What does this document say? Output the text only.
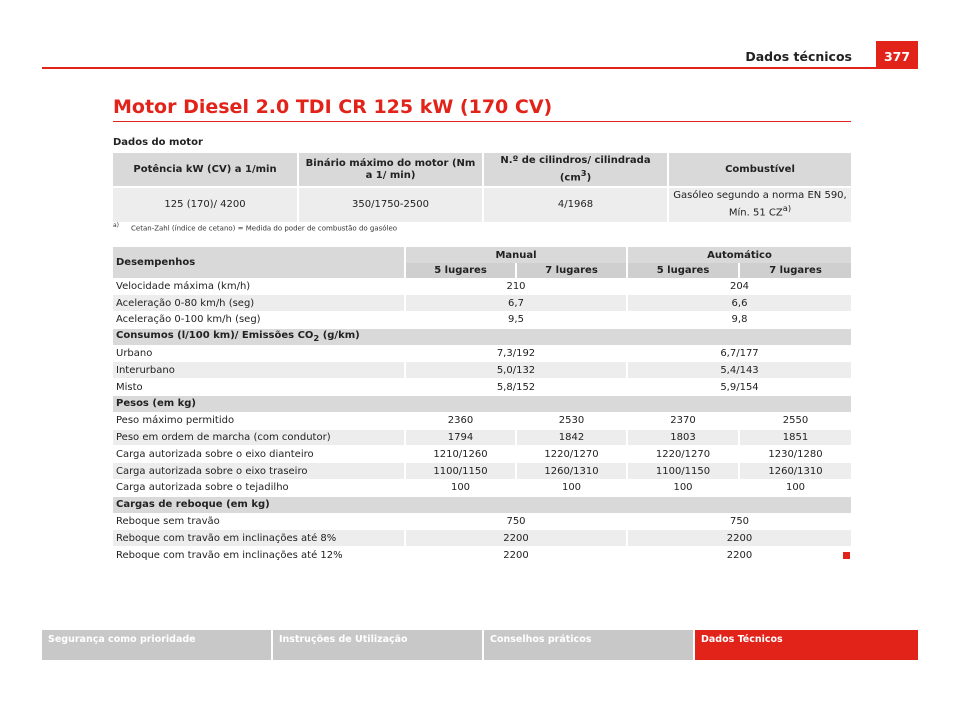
Dados técnicos	377
Motor Diesel 2.0 TDI CR 125 kW (170 CV)
Dados do motor
Potência kW (CV) a 1/min	Binário máximo do motor (Nm a 1/ min)	N.º de cilindros/ cilindrada $(cm^3)$	Combustível
125 (170)/ 4200	350/1750-2500	4/1968	Gasóleo segundo a norma EN 590, Mín. 51 CZ$^{a)}$
a) Cetan-Zahl (índice de cetano) = Medida do poder de combustão do gasóleo
Desempenhos	Manual		Automático	
	5 lugares	7 lugares	5 lugares	7 lugares
Velocidade máxima (km/h)	210		204	
Aceleração 0-80 km/h (seg)	6,7		6,6	
Aceleração 0-100 km/h (seg)	9,5		9,8	
Consumos (l/100 km)/ Emissões $CO_2$ (g/km)				
Urbano	7,3/192		6,7/177	
Interurbano	5,0/132		5,4/143	
Misto	5,8/152		5,9/154	
Pesos (em kg)				
Peso máximo permitido	2360	2530	2370	2550
Peso em ordem de marcha (com condutor)	1794	1842	1803	1851
Carga autorizada sobre o eixo dianteiro	1210/1260	1220/1270	1220/1270	1230/1280
Carga autorizada sobre o eixo traseiro	1100/1150	1260/1310	1100/1150	1260/1310
Carga autorizada sobre o tejadilho	100	100	100	100
Cargas de reboque (em kg)				
Reboque sem travão	750		750	
Reboque com travão em inclinações até 8%	2200		2200	
Reboque com travão em inclinações até 12%	2200		2200	
Segurança como prioridade	Instruções de Utilização	Conselhos práticos	Dados Técnicos
